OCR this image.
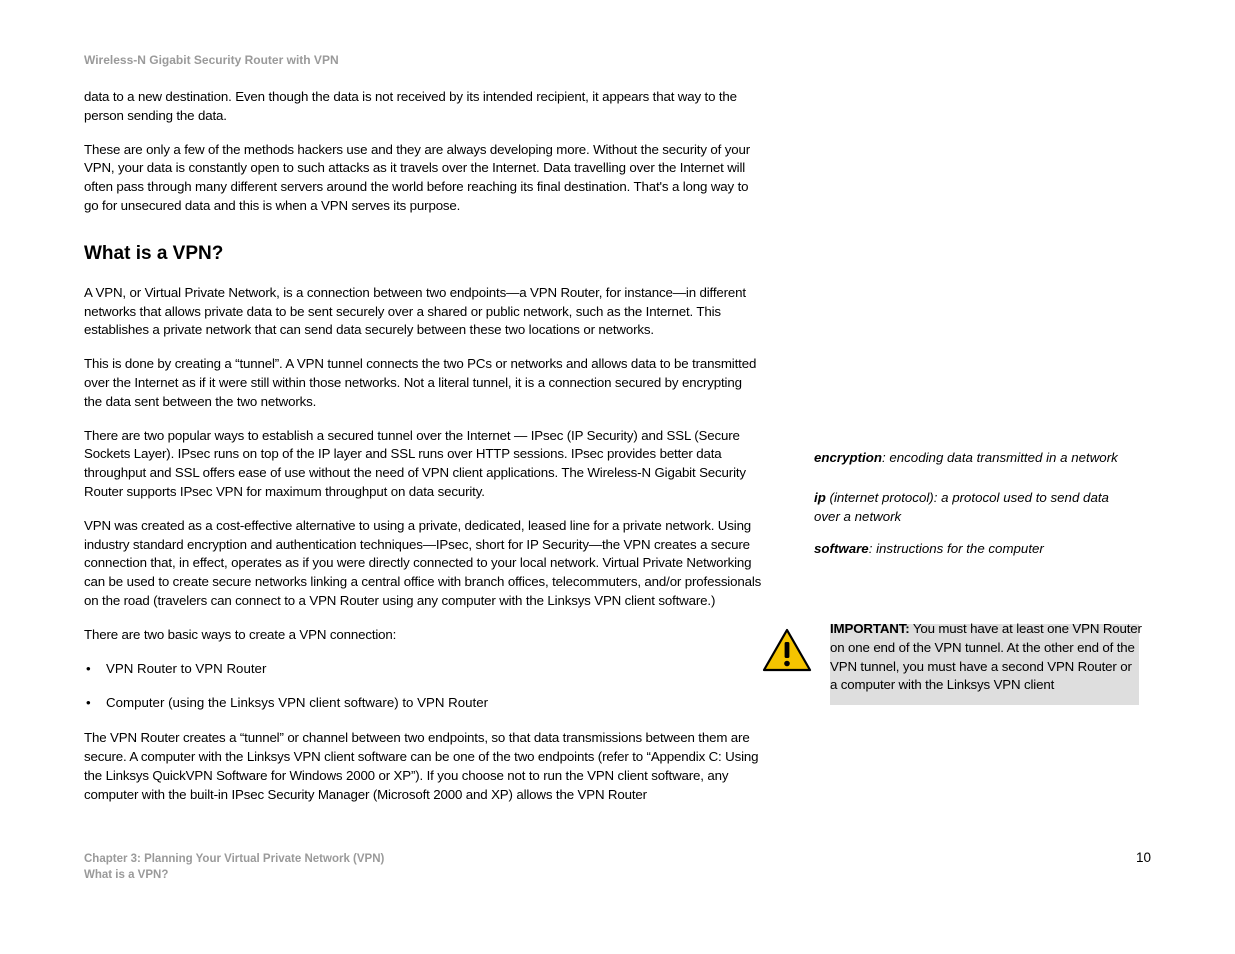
Wireless-N Gigabit Security Router with VPN

data to a new destination. Even though the data is not received by its intended recipient, it appears that way to the person sending the data.

These are only a few of the methods hackers use and they are always developing more. Without the security of your VPN, your data is constantly open to such attacks as it travels over the Internet. Data travelling over the Internet will often pass through many different servers around the world before reaching its final destination. That's a long way to go for unsecured data and this is when a VPN serves its purpose.

What is a VPN?

A VPN, or Virtual Private Network, is a connection between two endpoints—a VPN Router, for instance—in different networks that allows private data to be sent securely over a shared or public network, such as the Internet. This establishes a private network that can send data securely between these two locations or networks.

This is done by creating a “tunnel”. A VPN tunnel connects the two PCs or networks and allows data to be transmitted over the Internet as if it were still within those networks. Not a literal tunnel, it is a connection secured by encrypting the data sent between the two networks.

There are two popular ways to establish a secured tunnel over the Internet — IPsec (IP Security) and SSL (Secure Sockets Layer). IPsec runs on top of the IP layer and SSL runs over HTTP sessions. IPsec provides better data throughput and SSL offers ease of use without the need of VPN client applications. The Wireless-N Gigabit Security Router supports IPsec VPN for maximum throughput on data security.

VPN was created as a cost-effective alternative to using a private, dedicated, leased line for a private network. Using industry standard encryption and authentication techniques—IPsec, short for IP Security—the VPN creates a secure connection that, in effect, operates as if you were directly connected to your local network. Virtual Private Networking can be used to create secure networks linking a central office with branch offices, telecommuters, and/or professionals on the road (travelers can connect to a VPN Router using any computer with the Linksys VPN client software.)

There are two basic ways to create a VPN connection:

• VPN Router to VPN Router
• Computer (using the Linksys VPN client software) to VPN Router

The VPN Router creates a “tunnel” or channel between two endpoints, so that data transmissions between them are secure. A computer with the Linksys VPN client software can be one of the two endpoints (refer to “Appendix C: Using the Linksys QuickVPN Software for Windows 2000 or XP”). If you choose not to run the VPN client software, any computer with the built-in IPsec Security Manager (Microsoft 2000 and XP) allows the VPN Router

encryption: encoding data transmitted in a network
ip (internet protocol): a protocol used to send data over a network
software: instructions for the computer
IMPORTANT: You must have at least one VPN Router on one end of the VPN tunnel. At the other end of the VPN tunnel, you must have a second VPN Router or a computer with the Linksys VPN client
Chapter 3: Planning Your Virtual Private Network (VPN)
What is a VPN?
10
